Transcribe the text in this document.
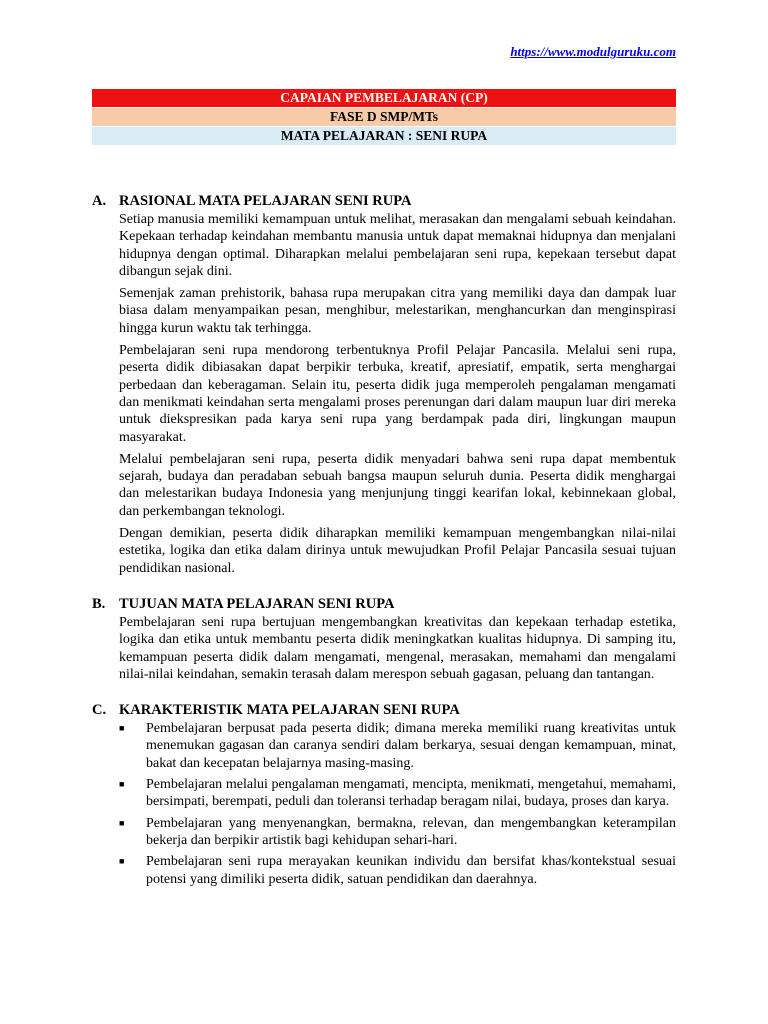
https://www.modulguruku.com
CAPAIAN PEMBELAJARAN (CP)
FASE D SMP/MTs
MATA PELAJARAN : SENI RUPA
A. RASIONAL MATA PELAJARAN SENI RUPA

Setiap manusia memiliki kemampuan untuk melihat, merasakan dan mengalami sebuah keindahan. Kepekaan terhadap keindahan membantu manusia untuk dapat memaknai hidupnya dan menjalani hidupnya dengan optimal. Diharapkan melalui pembelajaran seni rupa, kepekaan tersebut dapat dibangun sejak dini.

Semenjak zaman prehistorik, bahasa rupa merupakan citra yang memiliki daya dan dampak luar biasa dalam menyampaikan pesan, menghibur, melestarikan, menghancurkan dan menginspirasi hingga kurun waktu tak terhingga.

Pembelajaran seni rupa mendorong terbentuknya Profil Pelajar Pancasila. Melalui seni rupa, peserta didik dibiasakan dapat berpikir terbuka, kreatif, apresiatif, empatik, serta menghargai perbedaan dan keberagaman. Selain itu, peserta didik juga memperoleh pengalaman mengamati dan menikmati keindahan serta mengalami proses perenungan dari dalam maupun luar diri mereka untuk diekspresikan pada karya seni rupa yang berdampak pada diri, lingkungan maupun masyarakat.

Melalui pembelajaran seni rupa, peserta didik menyadari bahwa seni rupa dapat membentuk sejarah, budaya dan peradaban sebuah bangsa maupun seluruh dunia. Peserta didik menghargai dan melestarikan budaya Indonesia yang menjunjung tinggi kearifan lokal, kebinnekaan global, dan perkembangan teknologi.

Dengan demikian, peserta didik diharapkan memiliki kemampuan mengembangkan nilai-nilai estetika, logika dan etika dalam dirinya untuk mewujudkan Profil Pelajar Pancasila sesuai tujuan pendidikan nasional.

B. TUJUAN MATA PELAJARAN SENI RUPA

Pembelajaran seni rupa bertujuan mengembangkan kreativitas dan kepekaan terhadap estetika, logika dan etika untuk membantu peserta didik meningkatkan kualitas hidupnya. Di samping itu, kemampuan peserta didik dalam mengamati, mengenal, merasakan, memahami dan mengalami nilai-nilai keindahan, semakin terasah dalam merespon sebuah gagasan, peluang dan tantangan.

C. KARAKTERISTIK MATA PELAJARAN SENI RUPA
■	Pembelajaran berpusat pada peserta didik; dimana mereka memiliki ruang kreativitas untuk menemukan gagasan dan caranya sendiri dalam berkarya, sesuai dengan kemampuan, minat, bakat dan kecepatan belajarnya masing-masing.
■	Pembelajaran melalui pengalaman mengamati, mencipta, menikmati, mengetahui, memahami, bersimpati, berempati, peduli dan toleransi terhadap beragam nilai, budaya, proses dan karya.
■	Pembelajaran yang menyenangkan, bermakna, relevan, dan mengembangkan keterampilan bekerja dan berpikir artistik bagi kehidupan sehari-hari.
■	Pembelajaran seni rupa merayakan keunikan individu dan bersifat khas/kontekstual sesuai potensi yang dimiliki peserta didik, satuan pendidikan dan daerahnya.
